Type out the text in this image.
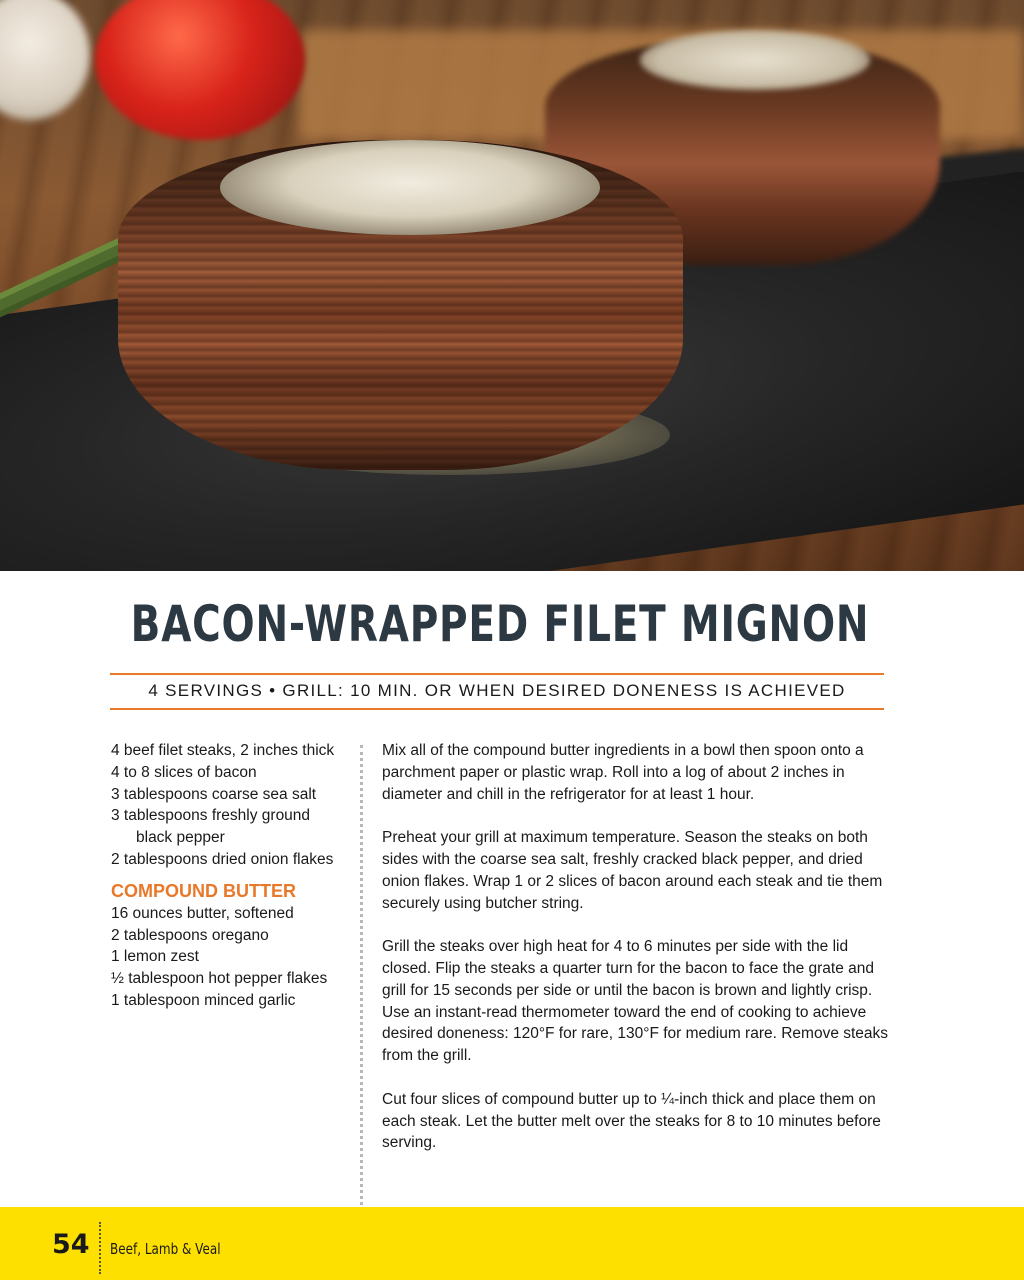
BACON-WRAPPED FILET MIGNON
4 SERVINGS • GRILL: 10 MIN. OR WHEN DESIRED DONENESS IS ACHIEVED
4 beef filet steaks, 2 inches thick
4 to 8 slices of bacon
3 tablespoons coarse sea salt
3 tablespoons freshly ground
black pepper
2 tablespoons dried onion flakes
COMPOUND BUTTER
16 ounces butter, softened
2 tablespoons oregano
1 lemon zest
½ tablespoon hot pepper flakes
1 tablespoon minced garlic

Mix all of the compound butter ingredients in a bowl then spoon onto a parchment paper or plastic wrap. Roll into a log of about 2 inches in diameter and chill in the refrigerator for at least 1 hour.

Preheat your grill at maximum temperature. Season the steaks on both sides with the coarse sea salt, freshly cracked black pepper, and dried onion flakes. Wrap 1 or 2 slices of bacon around each steak and tie them securely using butcher string.

Grill the steaks over high heat for 4 to 6 minutes per side with the lid closed. Flip the steaks a quarter turn for the bacon to face the grate and grill for 15 seconds per side or until the bacon is brown and lightly crisp. Use an instant-read thermometer toward the end of cooking to achieve desired doneness: 120°F for rare, 130°F for medium rare. Remove steaks from the grill.

Cut four slices of compound butter up to ¼-inch thick and place them on each steak. Let the butter melt over the steaks for 8 to 10 minutes before serving.

54 Beef, Lamb & Veal
